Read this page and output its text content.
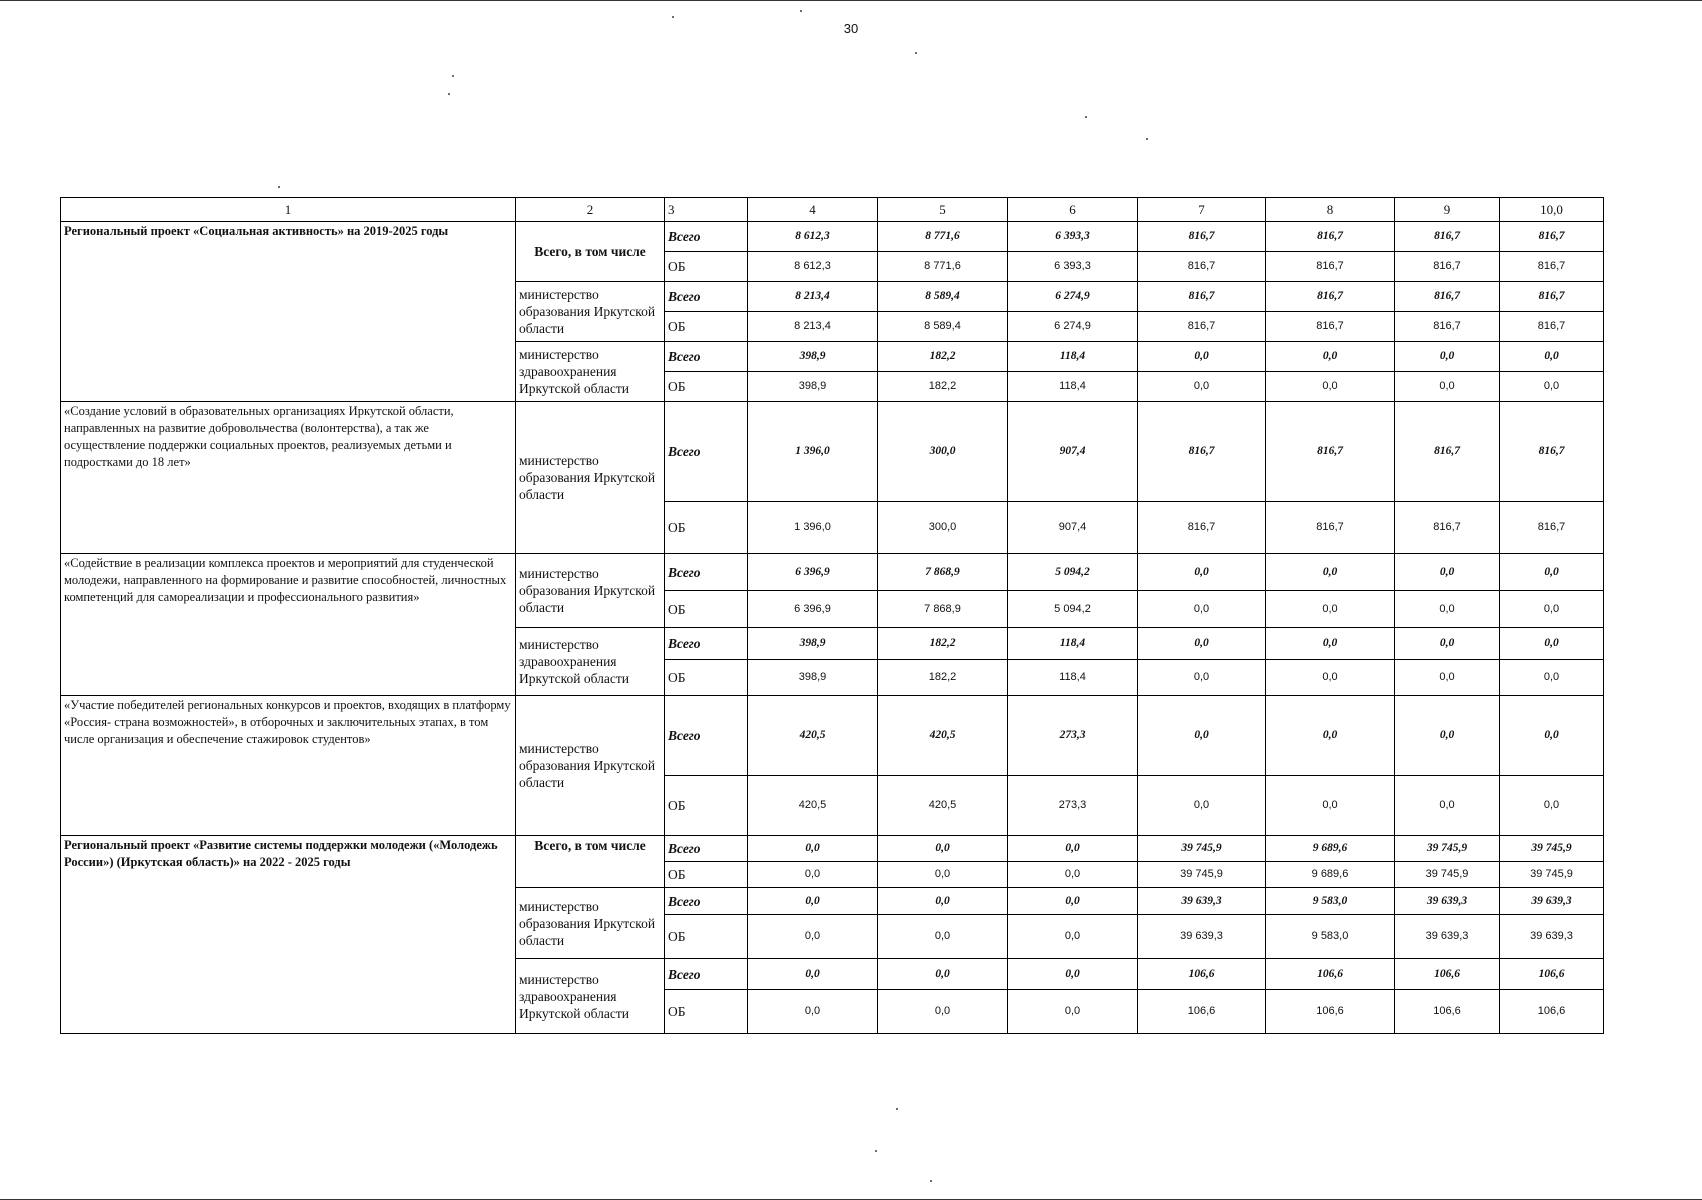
30
1	2	3	4	5	6	7	8	9	10,0
Региональный проект «Социальная активность» на 2019-2025 годы	Всего, в том числе	Всего	8 612,3	8 771,6	6 393,3	816,7	816,7	816,7	816,7
		ОБ	8 612,3	8 771,6	6 393,3	816,7	816,7	816,7	816,7
	министерство образования Иркутской области	Всего	8 213,4	8 589,4	6 274,9	816,7	816,7	816,7	816,7
		ОБ	8 213,4	8 589,4	6 274,9	816,7	816,7	816,7	816,7
	министерство здравоохранения Иркутской области	Всего	398,9	182,2	118,4	0,0	0,0	0,0	0,0
		ОБ	398,9	182,2	118,4	0,0	0,0	0,0	0,0
«Создание условий в образовательных организациях Иркутской области, направленных на развитие добровольчества (волонтерства), а так же осуществление поддержки социальных проектов, реализуемых детьми и подростками до 18 лет»	министерство образования Иркутской области	Всего	1 396,0	300,0	907,4	816,7	816,7	816,7	816,7
		ОБ	1 396,0	300,0	907,4	816,7	816,7	816,7	816,7
«Содействие в реализации комплекса проектов и мероприятий для студенческой молодежи, направленного на формирование и развитие способностей, личностных компетенций для самореализации и профессионального развития»	министерство образования Иркутской области	Всего	6 396,9	7 868,9	5 094,2	0,0	0,0	0,0	0,0
		ОБ	6 396,9	7 868,9	5 094,2	0,0	0,0	0,0	0,0
	министерство здравоохранения Иркутской области	Всего	398,9	182,2	118,4	0,0	0,0	0,0	0,0
		ОБ	398,9	182,2	118,4	0,0	0,0	0,0	0,0
«Участие победителей региональных конкурсов и проектов, входящих в платформу «Россия- страна возможностей», в отборочных и заключительных этапах, в том числе организация и обеспечение стажировок студентов»	министерство образования Иркутской области	Всего	420,5	420,5	273,3	0,0	0,0	0,0	0,0
		ОБ	420,5	420,5	273,3	0,0	0,0	0,0	0,0
Региональный проект «Развитие системы поддержки молодежи («Молодежь России») (Иркутская область)» на 2022 - 2025 годы	Всего, в том числе	Всего	0,0	0,0	0,0	39 745,9	9 689,6	39 745,9	39 745,9
		ОБ	0,0	0,0	0,0	39 745,9	9 689,6	39 745,9	39 745,9
	министерство образования Иркутской области	Всего	0,0	0,0	0,0	39 639,3	9 583,0	39 639,3	39 639,3
		ОБ	0,0	0,0	0,0	39 639,3	9 583,0	39 639,3	39 639,3
	министерство здравоохранения Иркутской области	Всего	0,0	0,0	0,0	106,6	106,6	106,6	106,6
		ОБ	0,0	0,0	0,0	106,6	106,6	106,6	106,6
